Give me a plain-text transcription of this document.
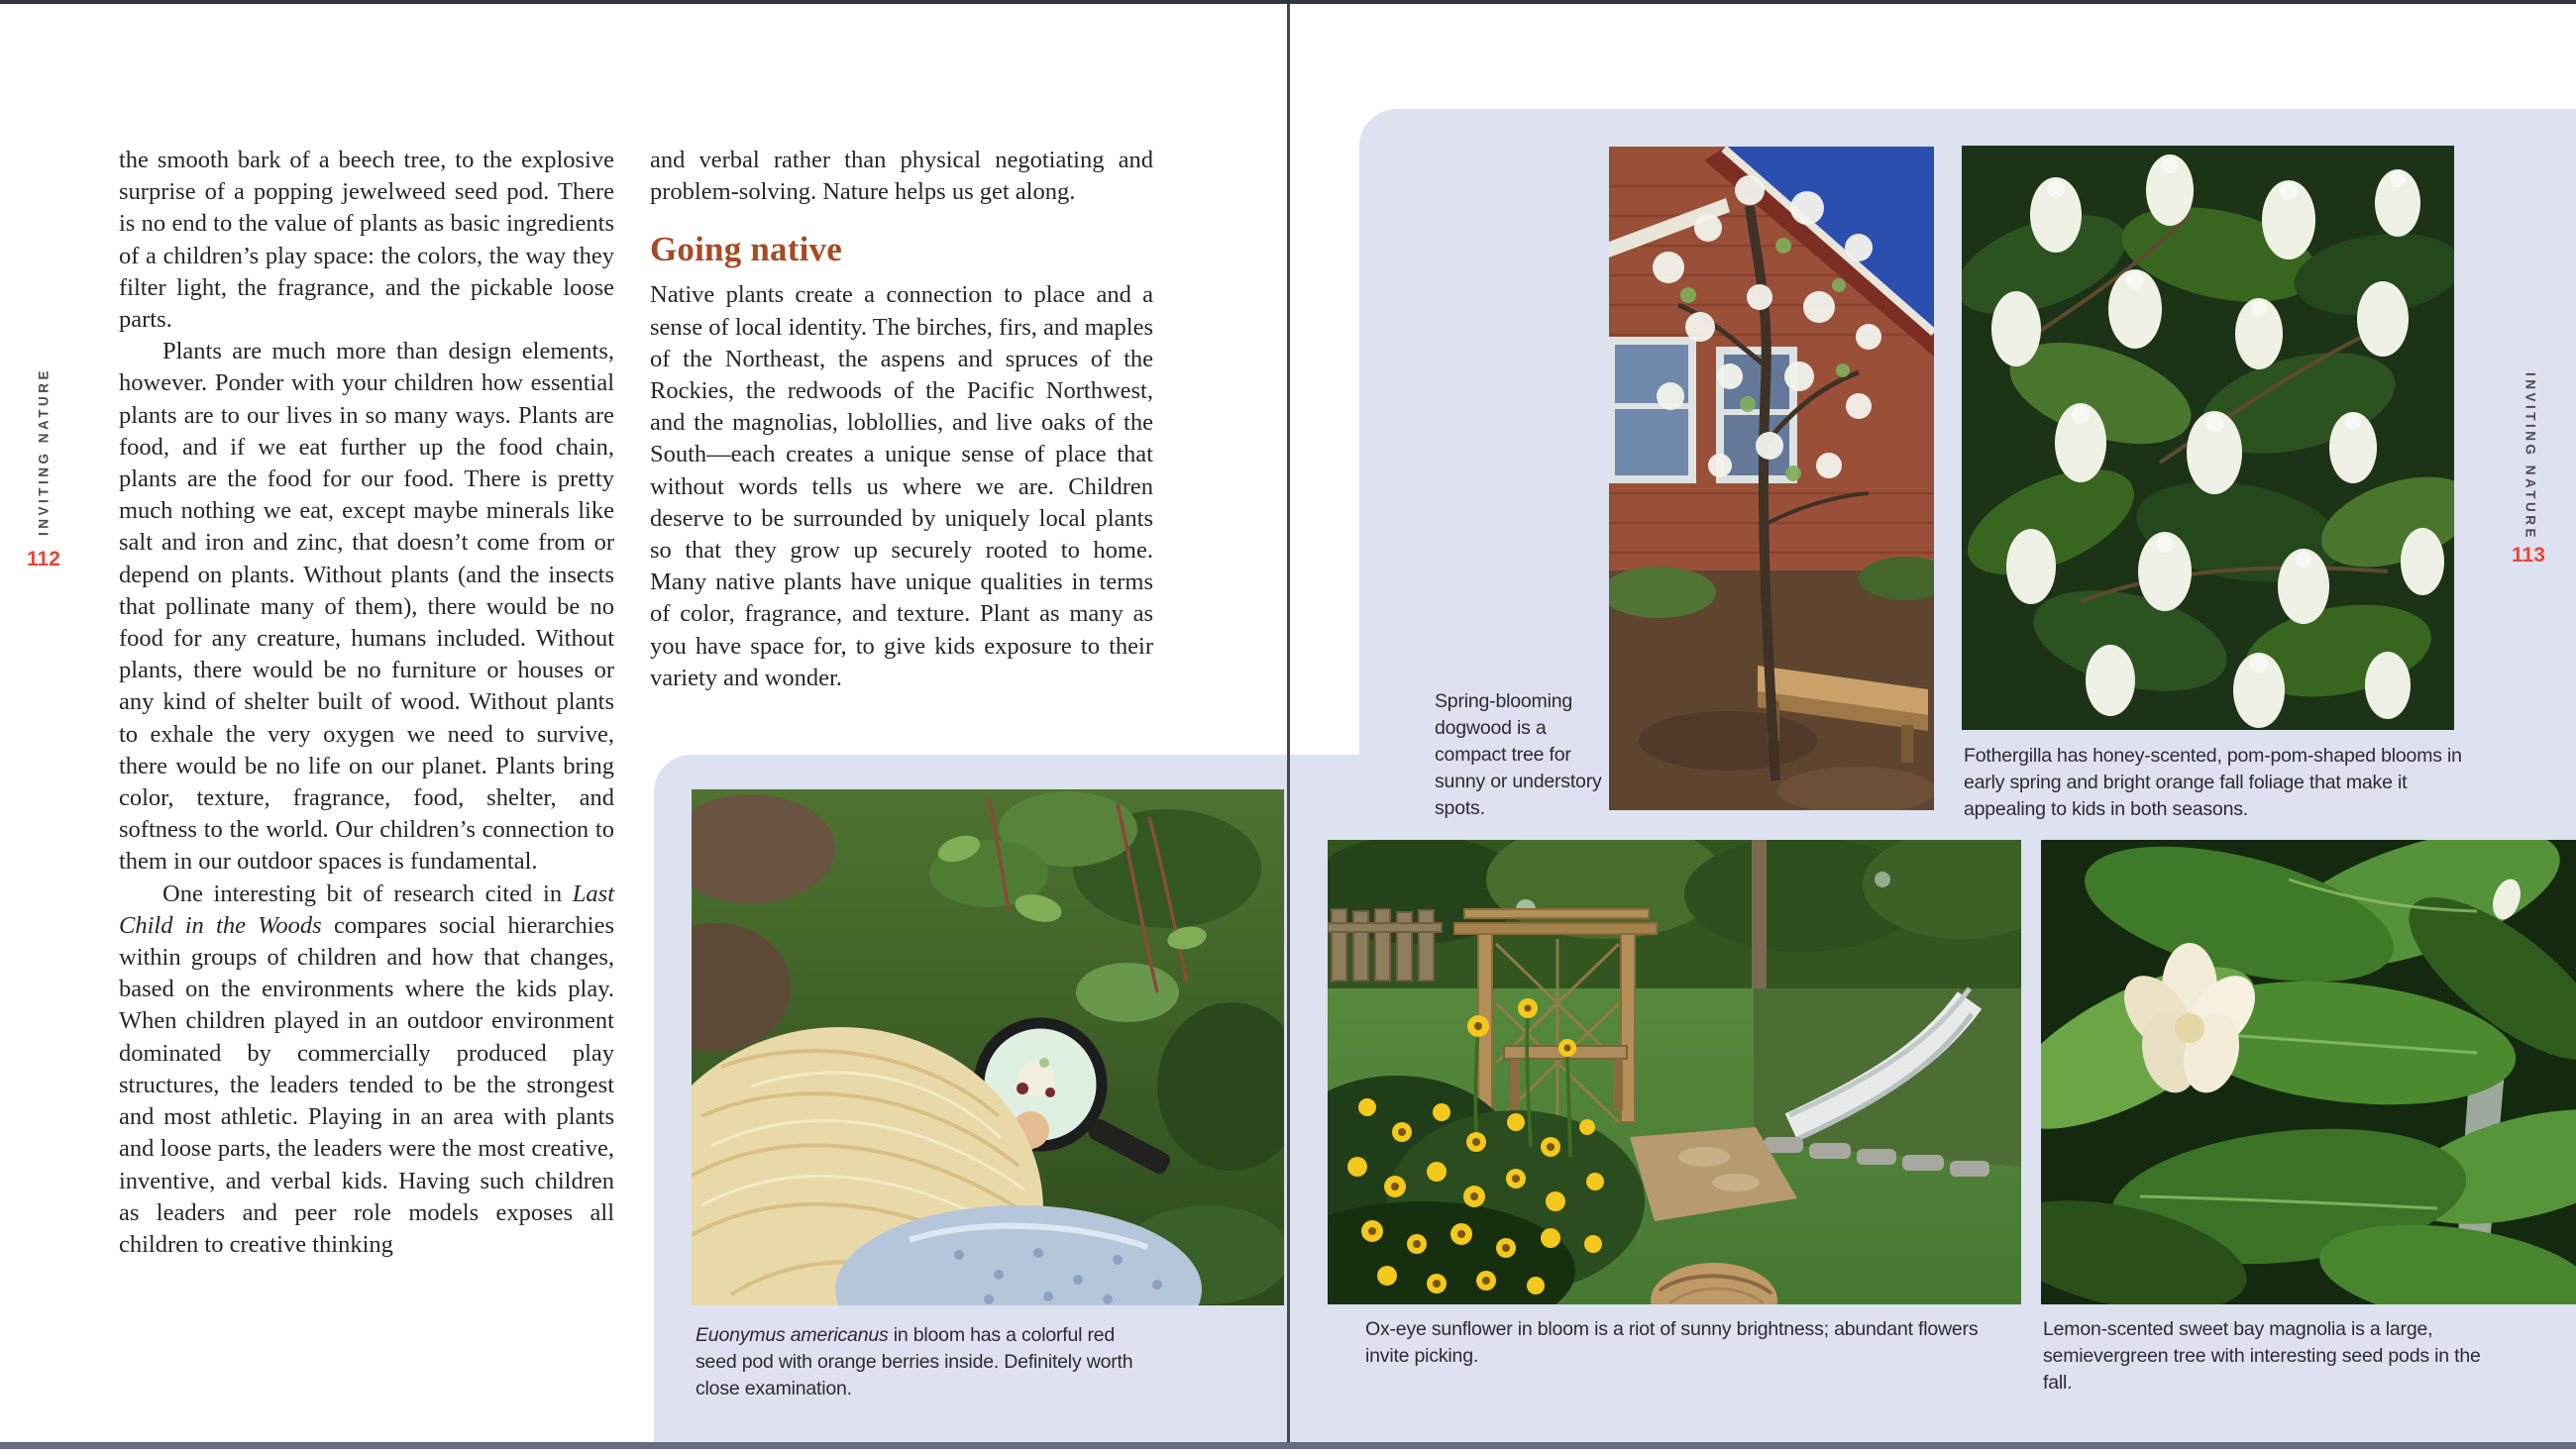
the smooth bark of a beech tree, to the explosive surprise of a popping jewelweed seed pod. There is no end to the value of plants as basic ingredients of a children’s play space: the colors, the way they filter light, the fragrance, and the pickable loose parts.

Plants are much more than design elements, however. Ponder with your children how essential plants are to our lives in so many ways. Plants are food, and if we eat further up the food chain, plants are the food for our food. There is pretty much nothing we eat, except maybe minerals like salt and iron and zinc, that doesn’t come from or depend on plants. Without plants (and the insects that pollinate many of them), there would be no food for any creature, humans included. Without plants, there would be no furniture or houses or any kind of shelter built of wood. Without plants to exhale the very oxygen we need to survive, there would be no life on our planet. Plants bring color, texture, fragrance, food, shelter, and softness to the world. Our children’s connection to them in our outdoor spaces is fundamental.

One interesting bit of research cited in Last Child in the Woods compares social hierarchies within groups of children and how that changes, based on the environments where the kids play. When children played in an outdoor environment dominated by commercially produced play structures, the leaders tended to be the strongest and most athletic. Playing in an area with plants and loose parts, the leaders were the most creative, inventive, and verbal kids. Having such children as leaders and peer role models exposes all children to creative thinking

and verbal rather than physical negotiating and problem-solving. Nature helps us get along.

Going native

Native plants create a connection to place and a sense of local identity. The birches, firs, and maples of the Northeast, the aspens and spruces of the Rockies, the redwoods of the Pacific Northwest, and the magnolias, loblollies, and live oaks of the South—each creates a unique sense of place that without words tells us where we are. Children deserve to be surrounded by uniquely local plants so that they grow up securely rooted to home. Many native plants have unique qualities in terms of color, fragrance, and texture. Plant as many as you have space for, to give kids exposure to their variety and wonder.

INVITING NATURE
112
INVITING NATURE
113
Spring-blooming dogwood is a compact tree for sunny or understory spots.
Fothergilla has honey-scented, pom-pom-shaped blooms in early spring and bright orange fall foliage that make it appealing to kids in both seasons.
Euonymus americanus in bloom has a colorful red seed pod with orange berries inside. Definitely worth close examination.
Ox-eye sunflower in bloom is a riot of sunny brightness; abundant flowers invite picking.
Lemon-scented sweet bay magnolia is a large, semievergreen tree with interesting seed pods in the fall.
